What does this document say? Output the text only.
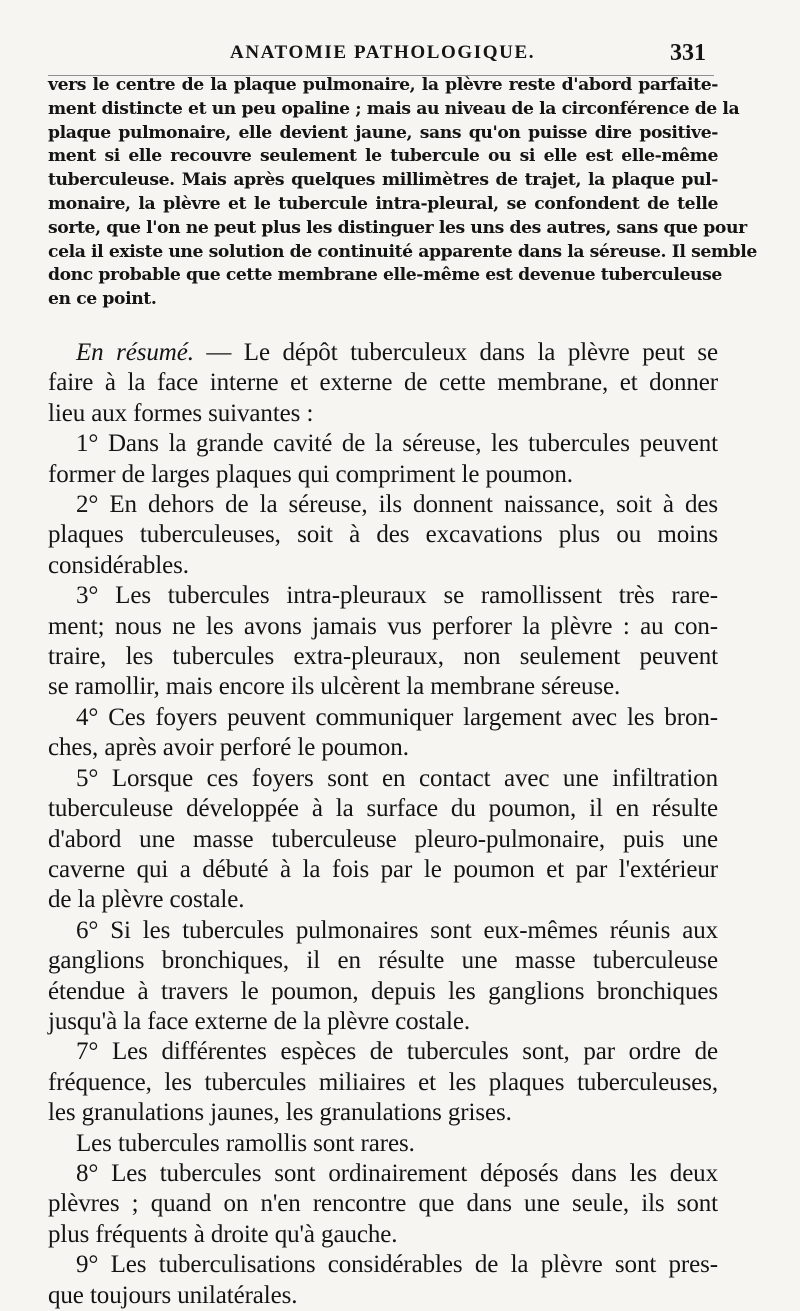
ANATOMIE PATHOLOGIQUE.	331
vers le centre de la plaque pulmonaire, la plèvre reste d'abord parfaite-
ment distincte et un peu opaline ; mais au niveau de la circonférence de la
plaque pulmonaire, elle devient jaune, sans qu'on puisse dire positive-
ment si elle recouvre seulement le tubercule ou si elle est elle-même
tuberculeuse. Mais après quelques millimètres de trajet, la plaque pul-
monaire, la plèvre et le tubercule intra-pleural, se confondent de telle
sorte, que l'on ne peut plus les distinguer les uns des autres, sans que pour
cela il existe une solution de continuité apparente dans la séreuse. Il semble
donc probable que cette membrane elle-même est devenue tuberculeuse
en ce point.
En résumé. — Le dépôt tuberculeux dans la plèvre peut se
faire à la face interne et externe de cette membrane, et donner
lieu aux formes suivantes :
1° Dans la grande cavité de la séreuse, les tubercules peuvent
former de larges plaques qui compriment le poumon.
2° En dehors de la séreuse, ils donnent naissance, soit à des
plaques tuberculeuses, soit à des excavations plus ou moins
considérables.
3° Les tubercules intra-pleuraux se ramollissent très rare-
ment; nous ne les avons jamais vus perforer la plèvre : au con-
traire, les tubercules extra-pleuraux, non seulement peuvent
se ramollir, mais encore ils ulcèrent la membrane séreuse.
4° Ces foyers peuvent communiquer largement avec les bron-
ches, après avoir perforé le poumon.
5° Lorsque ces foyers sont en contact avec une infiltration
tuberculeuse développée à la surface du poumon, il en résulte
d'abord une masse tuberculeuse pleuro-pulmonaire, puis une
caverne qui a débuté à la fois par le poumon et par l'extérieur
de la plèvre costale.
6° Si les tubercules pulmonaires sont eux-mêmes réunis aux
ganglions bronchiques, il en résulte une masse tuberculeuse
étendue à travers le poumon, depuis les ganglions bronchiques
jusqu'à la face externe de la plèvre costale.
7° Les différentes espèces de tubercules sont, par ordre de
fréquence, les tubercules miliaires et les plaques tuberculeuses,
les granulations jaunes, les granulations grises.
Les tubercules ramollis sont rares.
8° Les tubercules sont ordinairement déposés dans les deux
plèvres ; quand on n'en rencontre que dans une seule, ils sont
plus fréquents à droite qu'à gauche.
9° Les tuberculisations considérables de la plèvre sont pres-
que toujours unilatérales.
